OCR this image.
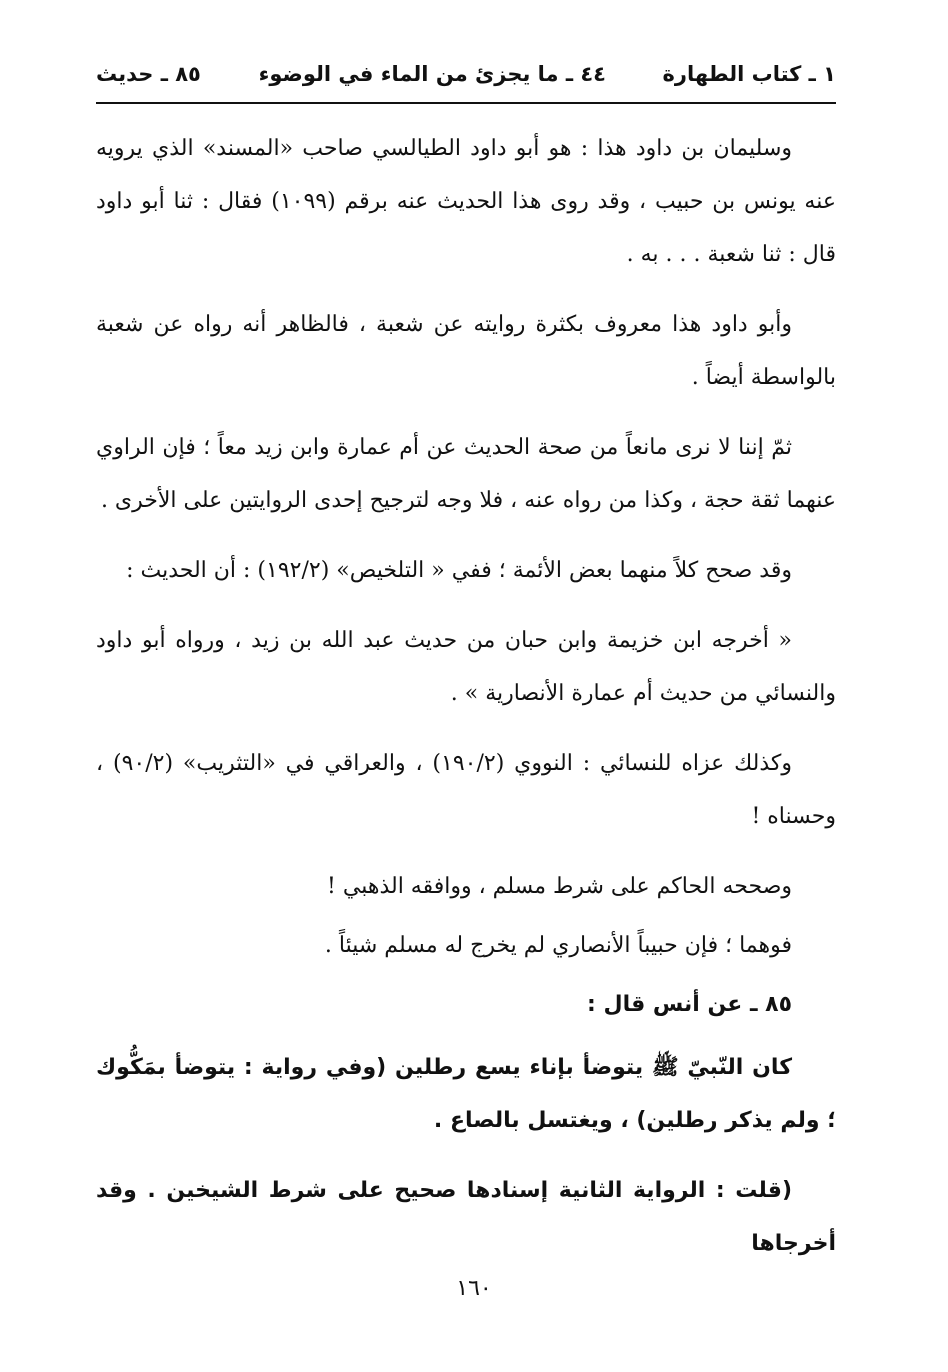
١ ـ كتاب الطهارة
٤٤ ـ ما يجزئ من الماء في الوضوء
٨٥ ـ حديث

وسليمان بن داود هذا : هو أبو داود الطيالسي صاحب «المسند» الذي يرويه عنه يونس بن حبيب ، وقد روى هذا الحديث عنه برقم (١٠٩٩) فقال : ثنا أبو داود قال : ثنا شعبة . . . به .

وأبو داود هذا معروف بكثرة روايته عن شعبة ، فالظاهر أنه رواه عن شعبة بالواسطة أيضاً .

ثمّ إننا لا نرى مانعاً من صحة الحديث عن أم عمارة وابن زيد معاً ؛ فإن الراوي عنهما ثقة حجة ، وكذا من رواه عنه ، فلا وجه لترجيح إحدى الروايتين على الأخرى .

وقد صحح كلاً منهما بعض الأئمة ؛ ففي « التلخيص» (١٩٢/٢) : أن الحديث :

« أخرجه ابن خزيمة وابن حبان من حديث عبد الله بن زيد ، ورواه أبو داود والنسائي من حديث أم عمارة الأنصارية » .

وكذلك عزاه للنسائي : النووي (١٩٠/٢) ، والعراقي في «التثريب» (٩٠/٢) ، وحسناه !

وصححه الحاكم على شرط مسلم ، ووافقه الذهبي !

فوهما ؛ فإن حبيباً الأنصاري لم يخرج له مسلم شيئاً .

٨٥ ـ عن أنس قال :

كان النّبيّ ﷺ يتوضأ بإناء يسع رطلين (وفي رواية : يتوضأ بمَكُّوك ؛ ولم يذكر رطلين) ، ويغتسل بالصاع .

(قلت : الرواية الثانية إسنادها صحيح على شرط الشيخين . وقد أخرجاها

١٦٠
